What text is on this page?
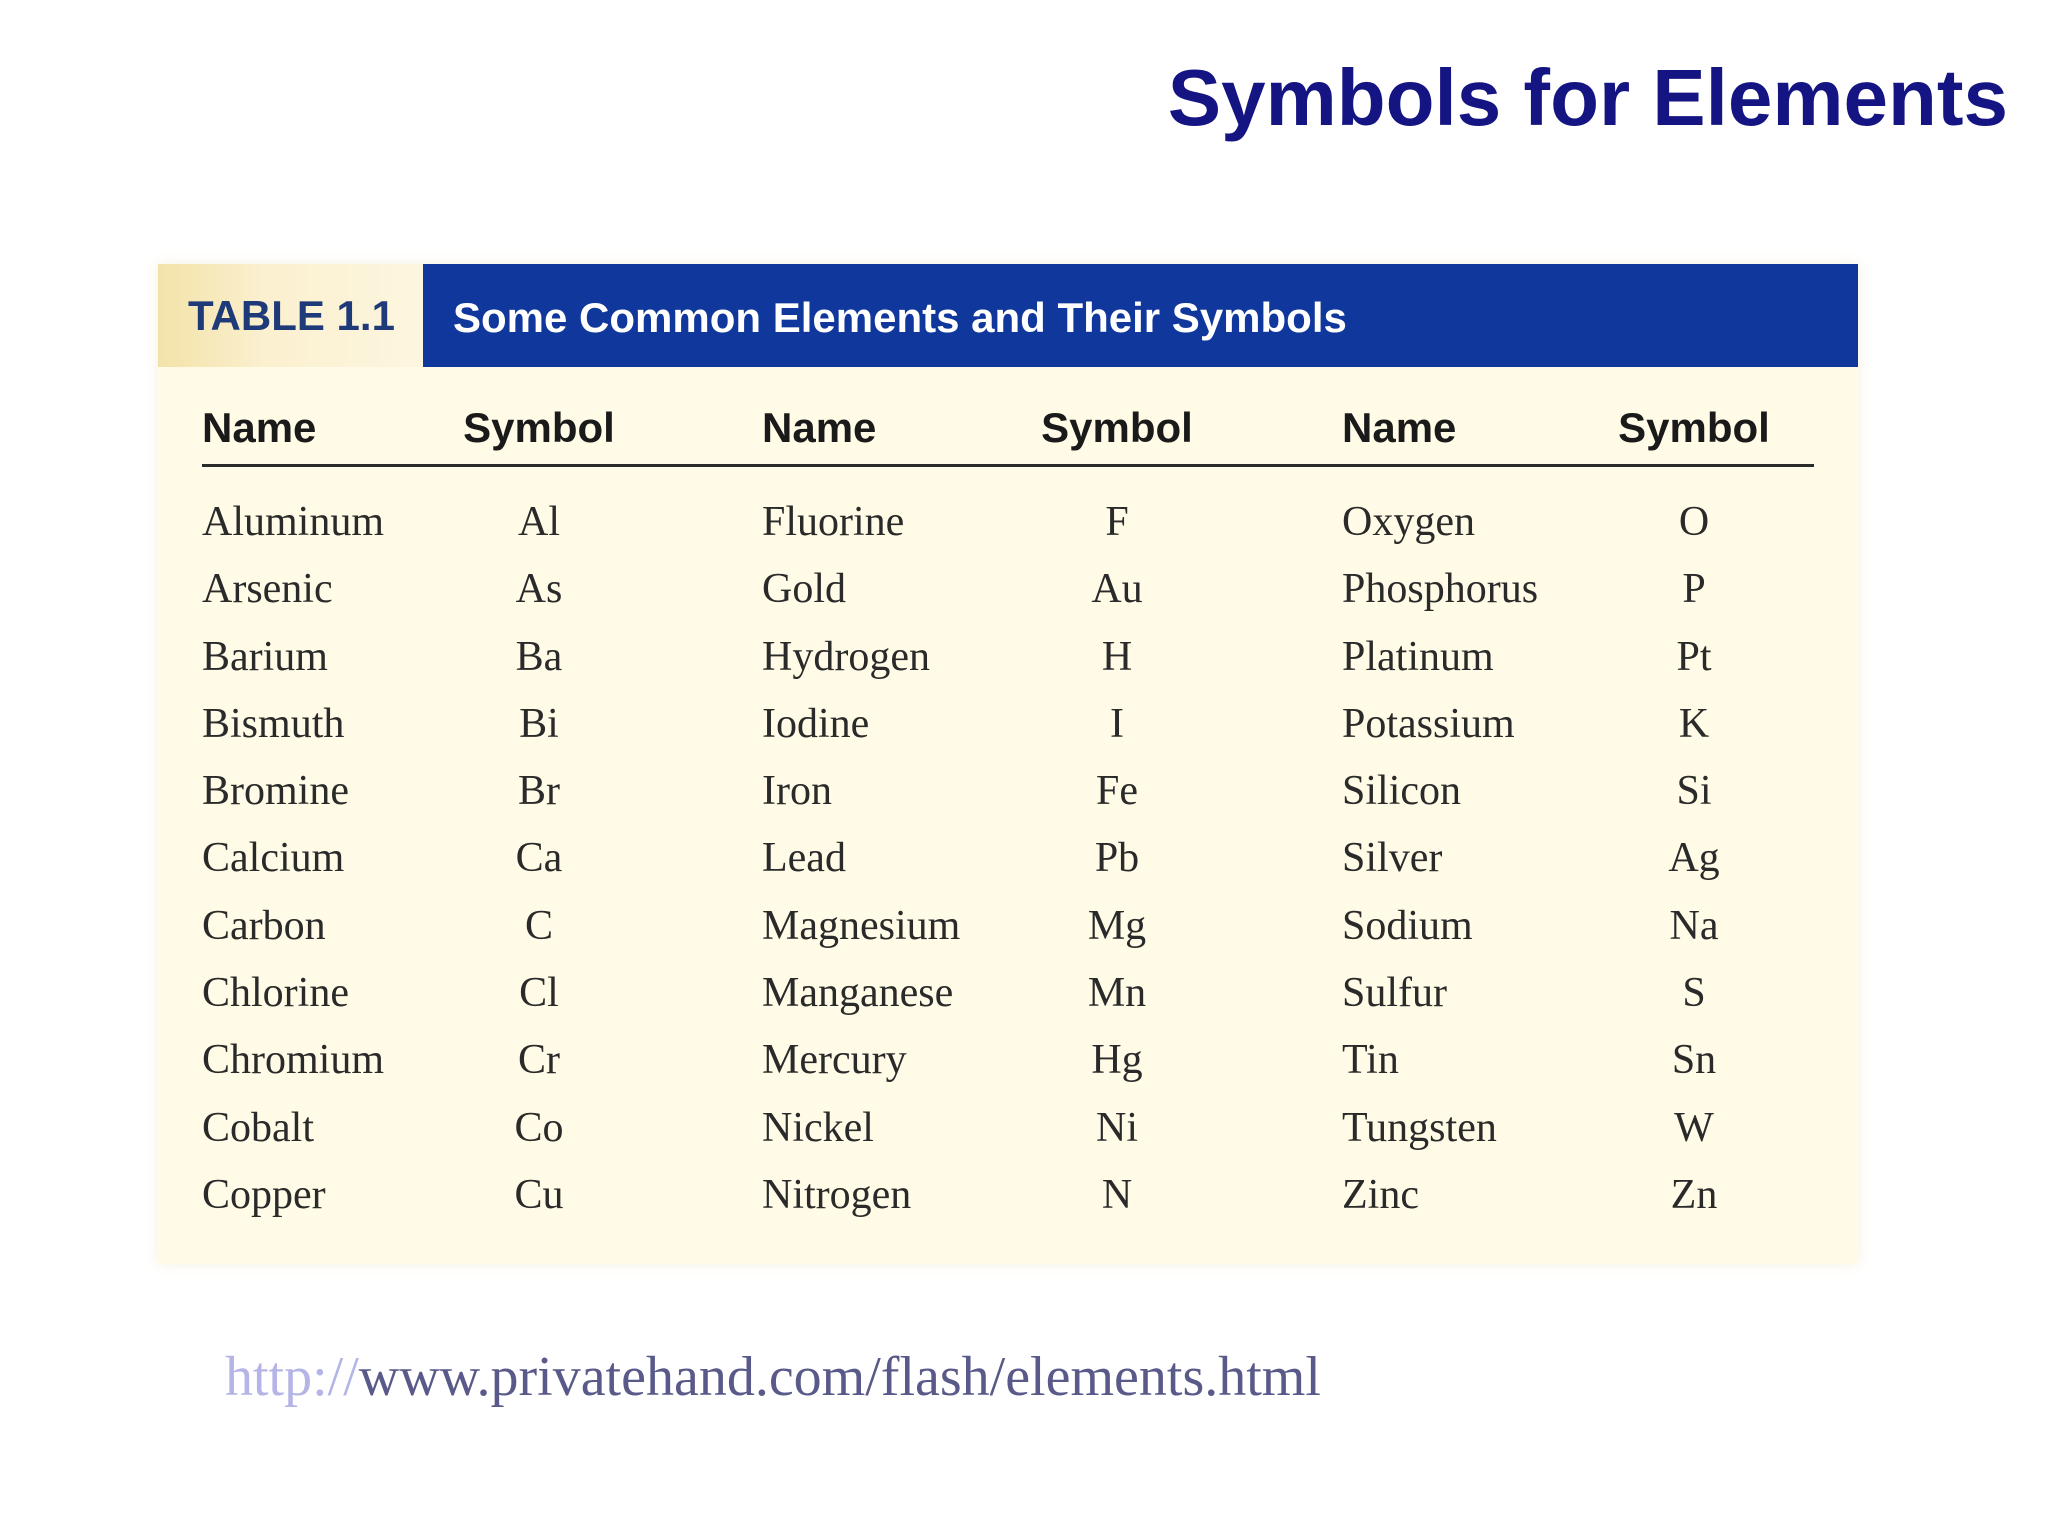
Symbols for Elements
TABLE 1.1 Some Common Elements and Their Symbols
Name	Symbol	Name	Symbol	Name	Symbol
Aluminum	Al	Fluorine	F	Oxygen	O
Arsenic	As	Gold	Au	Phosphorus	P
Barium	Ba	Hydrogen	H	Platinum	Pt
Bismuth	Bi	Iodine	I	Potassium	K
Bromine	Br	Iron	Fe	Silicon	Si
Calcium	Ca	Lead	Pb	Silver	Ag
Carbon	C	Magnesium	Mg	Sodium	Na
Chlorine	Cl	Manganese	Mn	Sulfur	S
Chromium	Cr	Mercury	Hg	Tin	Sn
Cobalt	Co	Nickel	Ni	Tungsten	W
Copper	Cu	Nitrogen	N	Zinc	Zn
http://www.privatehand.com/flash/elements.html
